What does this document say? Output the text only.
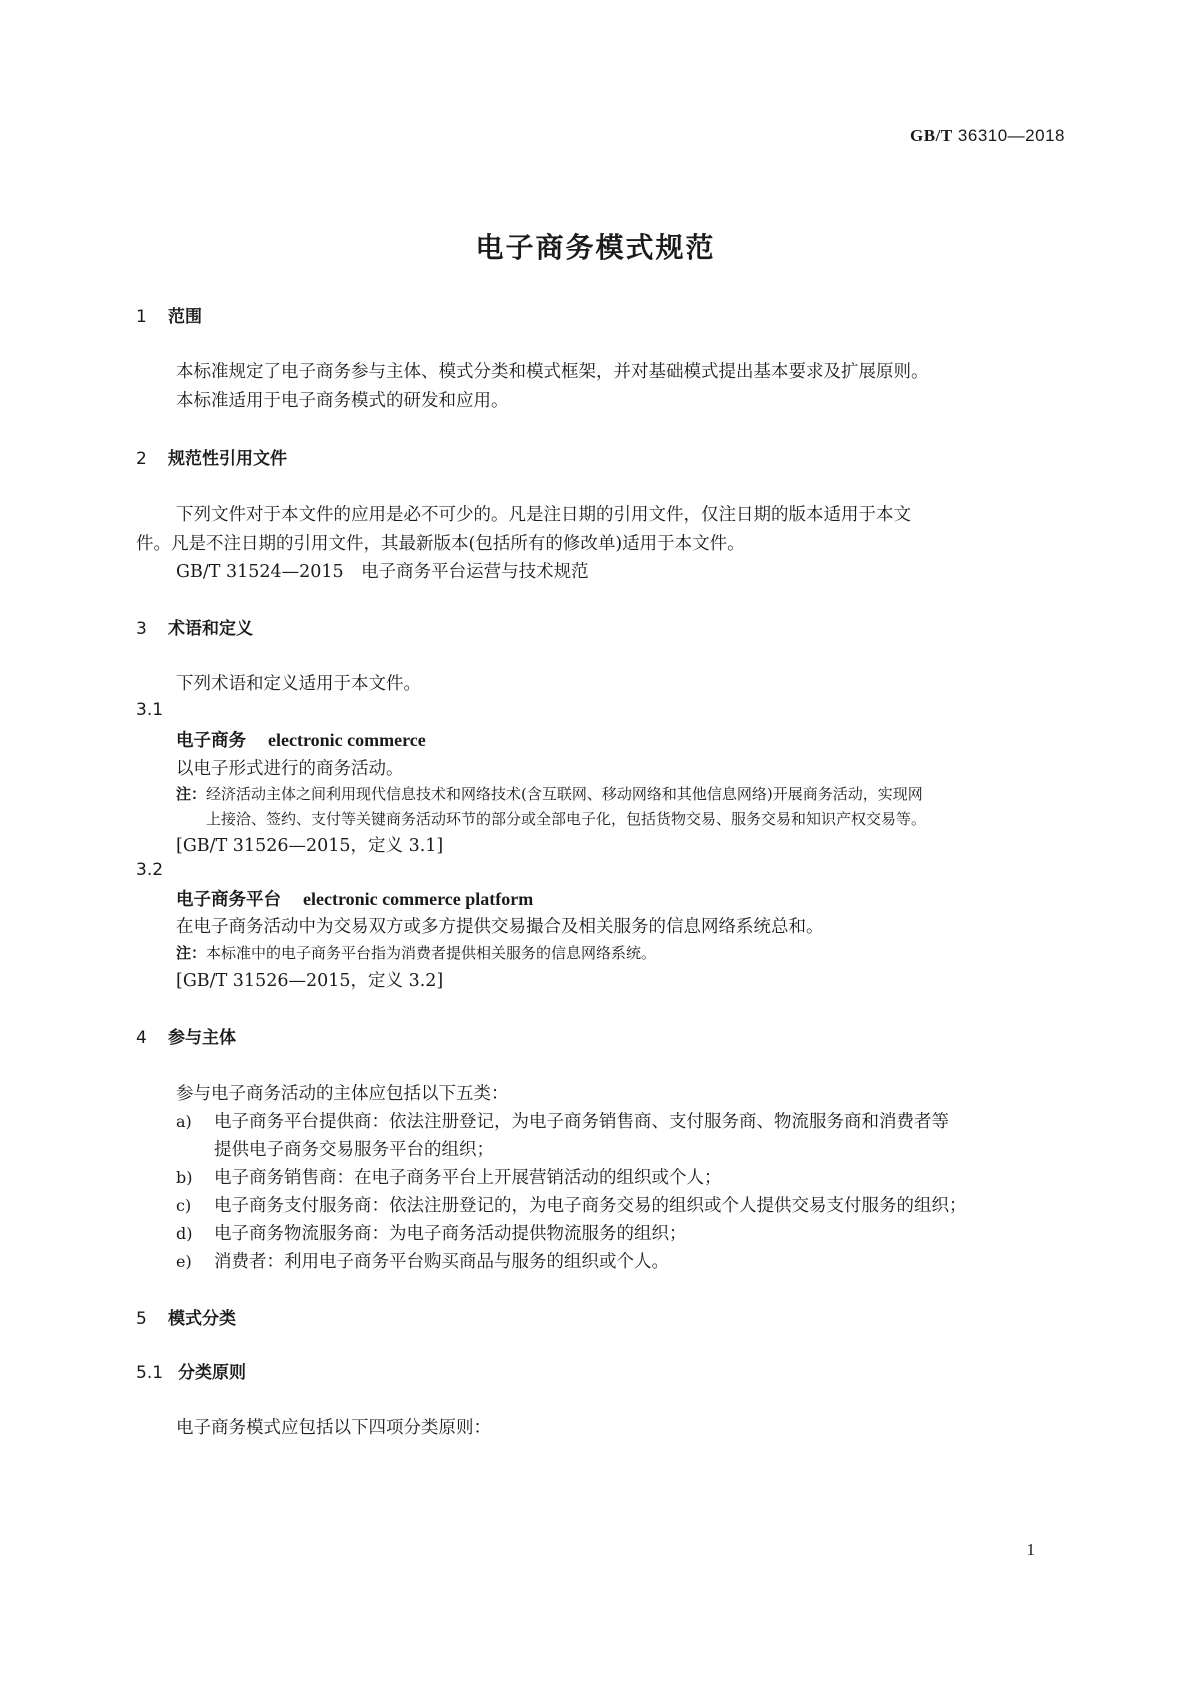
GB/T 36310—2018
电子商务模式规范
1 范围
本标准规定了电子商务参与主体、模式分类和模式框架，并对基础模式提出基本要求及扩展原则。
本标准适用于电子商务模式的研发和应用。
2 规范性引用文件
下列文件对于本文件的应用是必不可少的。凡是注日期的引用文件，仅注日期的版本适用于本文
件。凡是不注日期的引用文件，其最新版本(包括所有的修改单)适用于本文件。
GB/T 31524—2015　电子商务平台运营与技术规范
3 术语和定义
下列术语和定义适用于本文件。
3.1
电子商务 electronic commerce
以电子形式进行的商务活动。
注：经济活动主体之间利用现代信息技术和网络技术(含互联网、移动网络和其他信息网络)开展商务活动，实现网
上接洽、签约、支付等关键商务活动环节的部分或全部电子化，包括货物交易、服务交易和知识产权交易等。
[GB/T 31526—2015，定义 3.1]
3.2
电子商务平台 electronic commerce platform
在电子商务活动中为交易双方或多方提供交易撮合及相关服务的信息网络系统总和。
注：本标准中的电子商务平台指为消费者提供相关服务的信息网络系统。
[GB/T 31526—2015，定义 3.2]
4 参与主体
参与电子商务活动的主体应包括以下五类：
a) 电子商务平台提供商：依法注册登记，为电子商务销售商、支付服务商、物流服务商和消费者等
提供电子商务交易服务平台的组织；
b) 电子商务销售商：在电子商务平台上开展营销活动的组织或个人；
c) 电子商务支付服务商：依法注册登记的，为电子商务交易的组织或个人提供交易支付服务的组织；
d) 电子商务物流服务商：为电子商务活动提供物流服务的组织；
e) 消费者：利用电子商务平台购买商品与服务的组织或个人。
5 模式分类
5.1 分类原则
电子商务模式应包括以下四项分类原则：
1
